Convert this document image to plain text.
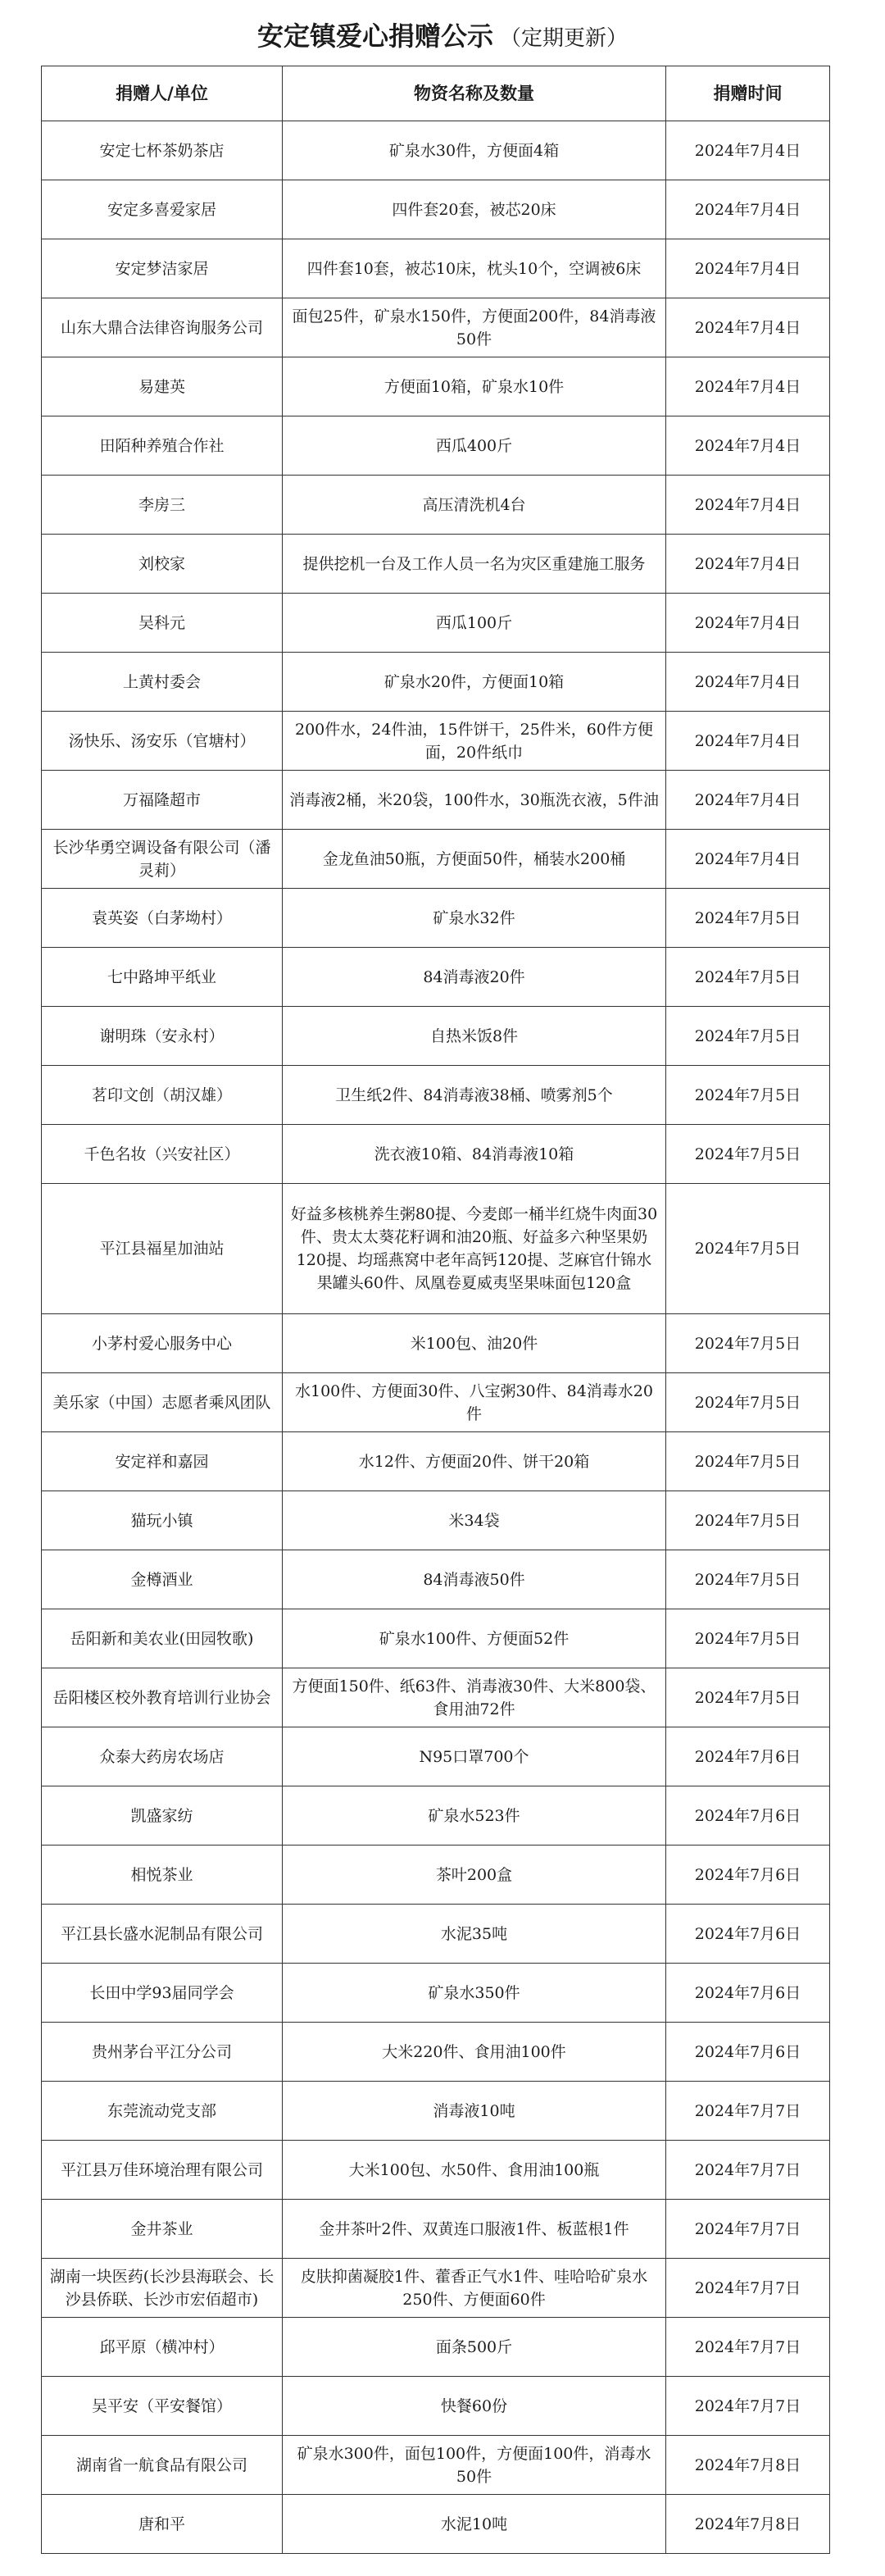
安定镇爱心捐赠公示 （定期更新）
捐赠人/单位	物资名称及数量	捐赠时间
安定七杯茶奶茶店	矿泉水30件，方便面4箱	2024年7月4日
安定多喜爱家居	四件套20套，被芯20床	2024年7月4日
安定梦洁家居	四件套10套，被芯10床，枕头10个，空调被6床	2024年7月4日
山东大鼎合法律咨询服务公司	面包25件，矿泉水150件，方便面200件，84消毒液50件	2024年7月4日
易建英	方便面10箱，矿泉水10件	2024年7月4日
田陌种养殖合作社	西瓜400斤	2024年7月4日
李房三	高压清洗机4台	2024年7月4日
刘校家	提供挖机一台及工作人员一名为灾区重建施工服务	2024年7月4日
吴科元	西瓜100斤	2024年7月4日
上黄村委会	矿泉水20件，方便面10箱	2024年7月4日
汤快乐、汤安乐（官塘村）	200件水，24件油，15件饼干，25件米，60件方便面，20件纸巾	2024年7月4日
万福隆超市	消毒液2桶，米20袋，100件水，30瓶洗衣液，5件油	2024年7月4日
长沙华勇空调设备有限公司（潘灵莉）	金龙鱼油50瓶，方便面50件，桶装水200桶	2024年7月4日
袁英姿（白茅坳村）	矿泉水32件	2024年7月5日
七中路坤平纸业	84消毒液20件	2024年7月5日
谢明珠（安永村）	自热米饭8件	2024年7月5日
茗印文创（胡汉雄）	卫生纸2件、84消毒液38桶、喷雾剂5个	2024年7月5日
千色名妆（兴安社区）	洗衣液10箱、84消毒液10箱	2024年7月5日
平江县福星加油站	好益多核桃养生粥80提、今麦郎一桶半红烧牛肉面30件、贵太太葵花籽调和油20瓶、好益多六种坚果奶120提、均瑶燕窝中老年高钙120提、芝麻官什锦水果罐头60件、凤凰卷夏威夷坚果味面包120盒	2024年7月5日
小茅村爱心服务中心	米100包、油20件	2024年7月5日
美乐家（中国）志愿者乘风团队	水100件、方便面30件、八宝粥30件、84消毒水20件	2024年7月5日
安定祥和嘉园	水12件、方便面20件、饼干20箱	2024年7月5日
猫玩小镇	米34袋	2024年7月5日
金樽酒业	84消毒液50件	2024年7月5日
岳阳新和美农业(田园牧歌)	矿泉水100件、方便面52件	2024年7月5日
岳阳楼区校外教育培训行业协会	方便面150件、纸63件、消毒液30件、大米800袋、食用油72件	2024年7月5日
众泰大药房农场店	N95口罩700个	2024年7月6日
凯盛家纺	矿泉水523件	2024年7月6日
相悦茶业	茶叶200盒	2024年7月6日
平江县长盛水泥制品有限公司	水泥35吨	2024年7月6日
长田中学93届同学会	矿泉水350件	2024年7月6日
贵州茅台平江分公司	大米220件、食用油100件	2024年7月6日
东莞流动党支部	消毒液10吨	2024年7月7日
平江县万佳环境治理有限公司	大米100包、水50件、食用油100瓶	2024年7月7日
金井茶业	金井茶叶2件、双黄连口服液1件、板蓝根1件	2024年7月7日
湖南一块医药(长沙县海联会、长沙县侨联、长沙市宏佰超市)	皮肤抑菌凝胶1件、藿香正气水1件、哇哈哈矿泉水250件、方便面60件	2024年7月7日
邱平原（横冲村）	面条500斤	2024年7月7日
吴平安（平安餐馆）	快餐60份	2024年7月7日
湖南省一航食品有限公司	矿泉水300件，面包100件，方便面100件，消毒水50件	2024年7月8日
唐和平	水泥10吨	2024年7月8日
